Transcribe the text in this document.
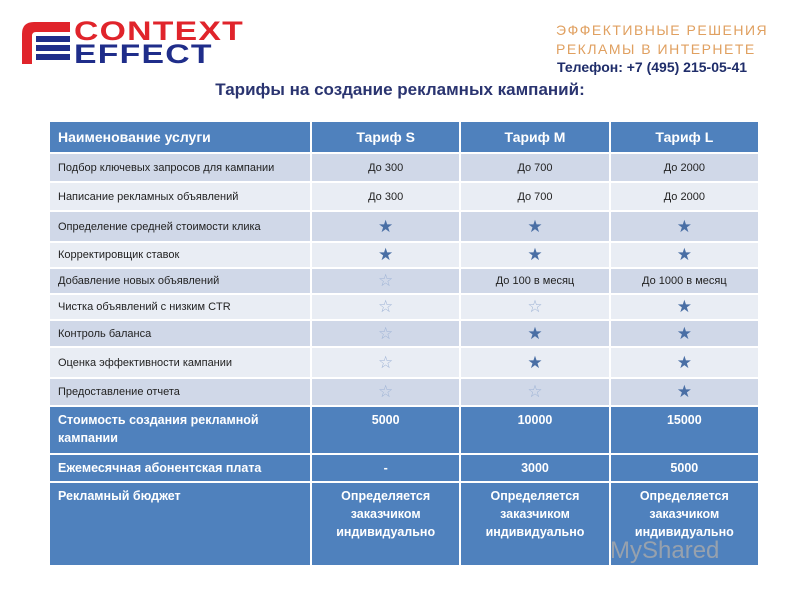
CONTEXT
EFFECT
ЭФФЕКТИВНЫЕ РЕШЕНИЯ
РЕКЛАМЫ В ИНТЕРНЕТЕ
Телефон: +7 (495) 215-05-41
Тарифы на создание рекламных кампаний:
Наименование услуги	Тариф S	Тариф M	Тариф L
Подбор ключевых запросов для кампании	До 300	До 700	До 2000
Написание рекламных объявлений	До 300	До 700	До 2000
Определение средней стоимости клика	★	★	★
Корректировщик ставок	★	★	★
Добавление новых объявлений	☆	До 100 в месяц	До 1000 в месяц
Чистка объявлений с низким CTR	☆	☆	★
Контроль баланса	☆	★	★
Оценка эффективности кампании	☆	★	★
Предоставление отчета	☆	☆	★
Стоимость создания рекламной кампании	5000	10000	15000
Ежемесячная абонентская плата	-	3000	5000
Рекламный бюджет	Определяется заказчиком индивидуально	Определяется заказчиком индивидуально	Определяется заказчиком индивидуально
MyShared
